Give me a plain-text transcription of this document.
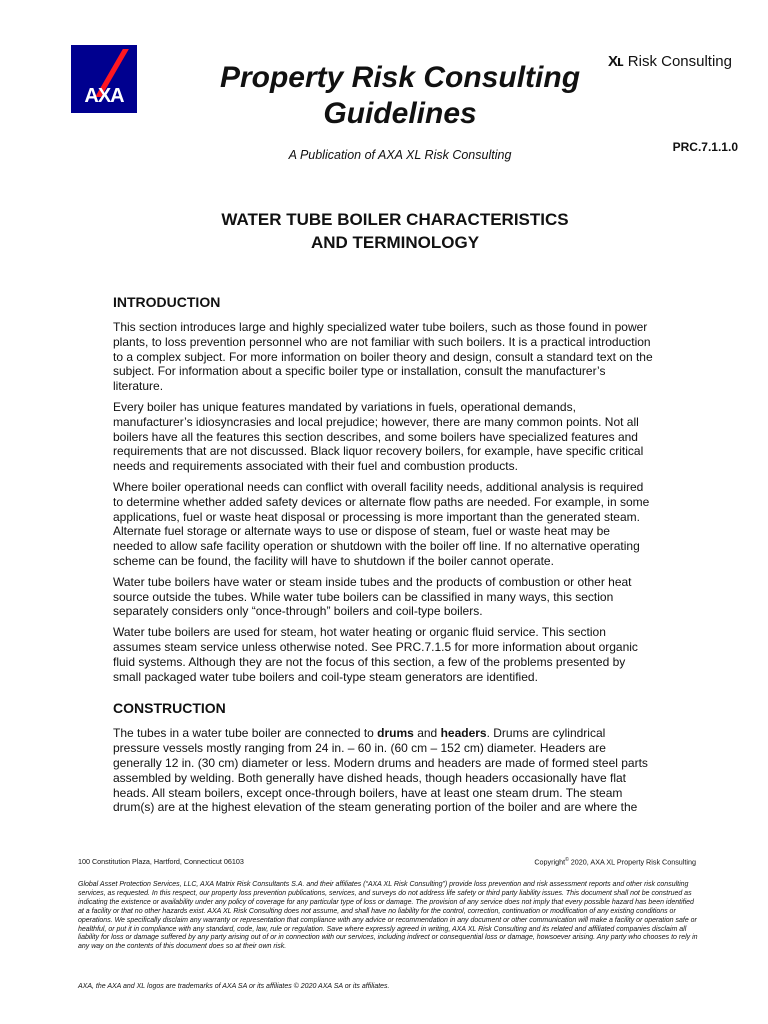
AXA
Xʟ Risk Consulting
Property Risk Consulting
Guidelines
A Publication of AXA XL Risk Consulting
PRC.7.1.1.0
WATER TUBE BOILER CHARACTERISTICS
AND TERMINOLOGY
INTRODUCTION

This section introduces large and highly specialized water tube boilers, such as those found in power plants, to loss prevention personnel who are not familiar with such boilers. It is a practical introduction to a complex subject. For more information on boiler theory and design, consult a standard text on the subject. For information about a specific boiler type or installation, consult the manufacturer’s literature.

Every boiler has unique features mandated by variations in fuels, operational demands, manufacturer’s idiosyncrasies and local prejudice; however, there are many common points. Not all boilers have all the features this section describes, and some boilers have specialized features and requirements that are not discussed. Black liquor recovery boilers, for example, have specific critical needs and requirements associated with their fuel and combustion products.

Where boiler operational needs can conflict with overall facility needs, additional analysis is required to determine whether added safety devices or alternate flow paths are needed. For example, in some applications, fuel or waste heat disposal or processing is more important than the generated steam. Alternate fuel storage or alternate ways to use or dispose of steam, fuel or waste heat may be needed to allow safe facility operation or shutdown with the boiler off line. If no alternative operating scheme can be found, the facility will have to shutdown if the boiler cannot operate.

Water tube boilers have water or steam inside tubes and the products of combustion or other heat source outside the tubes. While water tube boilers can be classified in many ways, this section separately considers only “once-through” boilers and coil-type boilers.

Water tube boilers are used for steam, hot water heating or organic fluid service. This section assumes steam service unless otherwise noted. See PRC.7.1.5 for more information about organic fluid systems. Although they are not the focus of this section, a few of the problems presented by small packaged water tube boilers and coil-type steam generators are identified.

CONSTRUCTION

The tubes in a water tube boiler are connected to drums and headers. Drums are cylindrical pressure vessels mostly ranging from 24 in. – 60 in. (60 cm – 152 cm) diameter. Headers are generally 12 in. (30 cm) diameter or less. Modern drums and headers are made of formed steel parts assembled by welding. Both generally have dished heads, though headers occasionally have flat heads. All steam boilers, except once-through boilers, have at least one steam drum. The steam drum(s) are at the highest elevation of the steam generating portion of the boiler and are where the

100 Constitution Plaza, Hartford, Connecticut 06103	Copyright© 2020, AXA XL Property Risk Consulting

Global Asset Protection Services, LLC, AXA Matrix Risk Consultants S.A. and their affiliates (“AXA XL Risk Consulting”) provide loss prevention and risk assessment reports and other risk consulting services, as requested. In this respect, our property loss prevention publications, services, and surveys do not address life safety or third party liability issues. This document shall not be construed as indicating the existence or availability under any policy of coverage for any particular type of loss or damage. The provision of any service does not imply that every possible hazard has been identified at a facility or that no other hazards exist. AXA XL Risk Consulting does not assume, and shall have no liability for the control, correction, continuation or modification of any existing conditions or operations. We specifically disclaim any warranty or representation that compliance with any advice or recommendation in any document or other communication will make a facility or operation safe or healthful, or put it in compliance with any standard, code, law, rule or regulation. Save where expressly agreed in writing, AXA XL Risk Consulting and its related and affiliated companies disclaim all liability for loss or damage suffered by any party arising out of or in connection with our services, including indirect or consequential loss or damage, howsoever arising. Any party who chooses to rely in any way on the contents of this document does so at their own risk.

AXA, the AXA and XL logos are trademarks of AXA SA or its affiliates © 2020 AXA SA or its affiliates.
